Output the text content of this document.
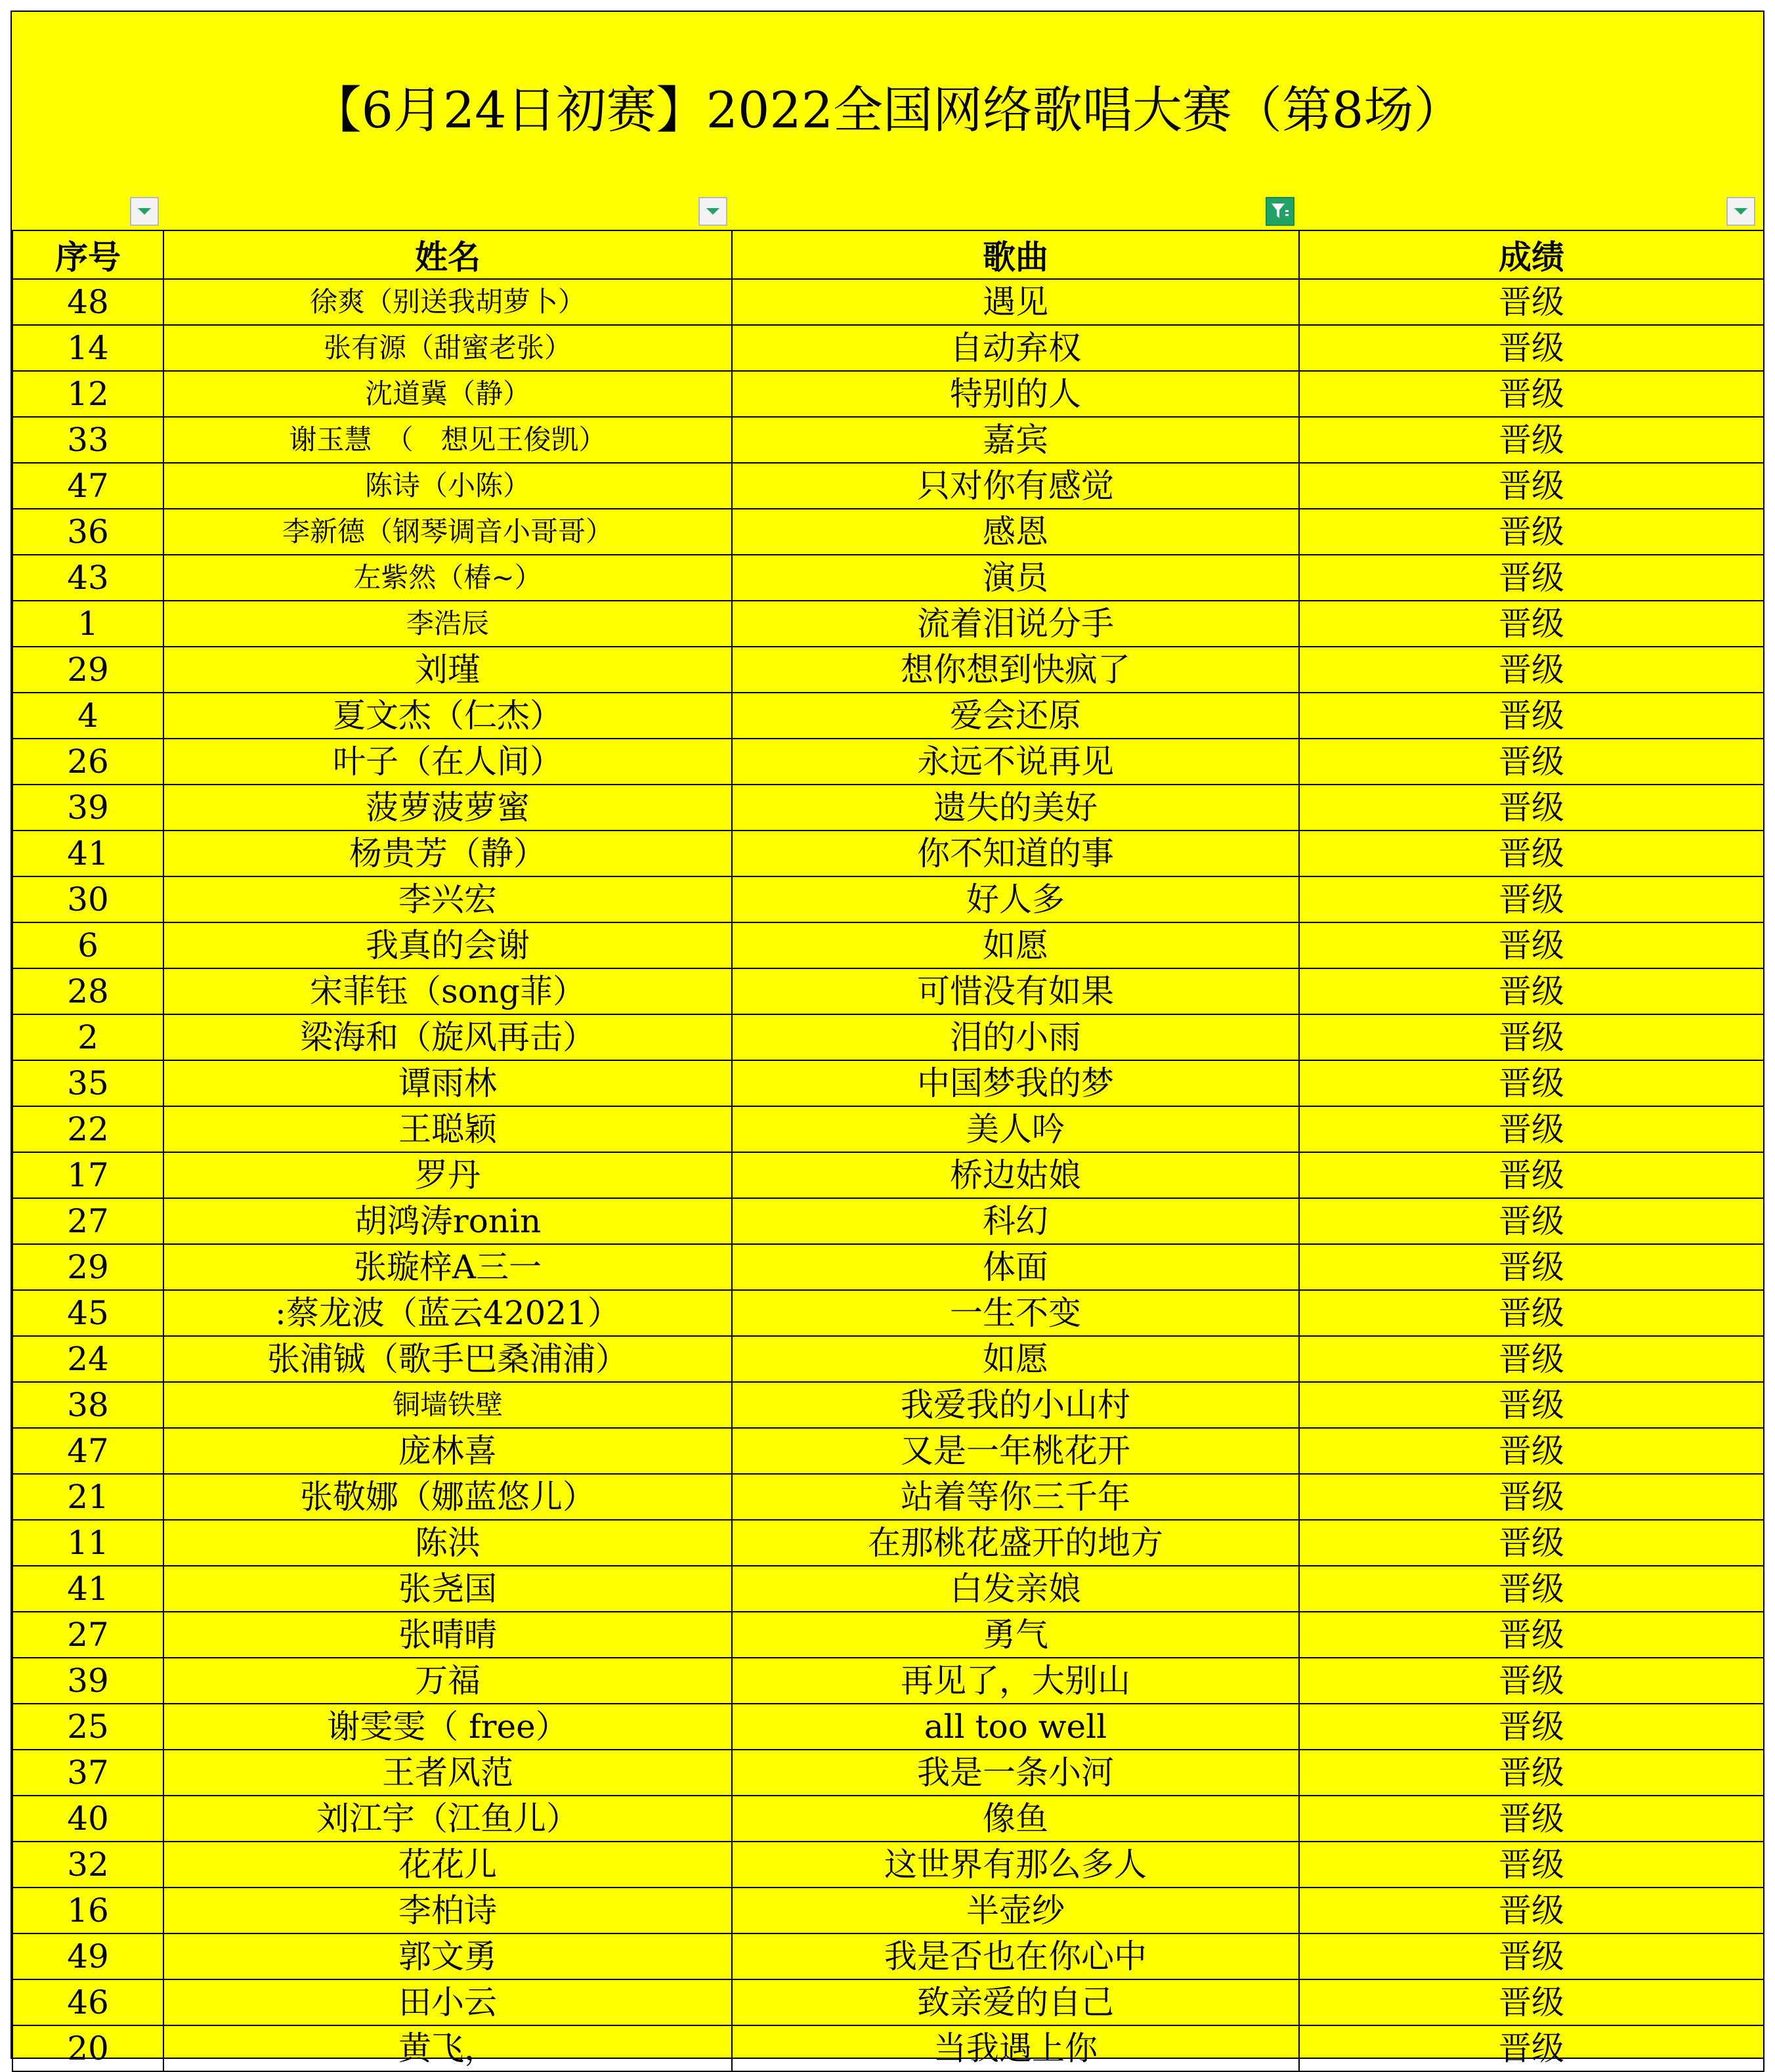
【6月24日初赛】2022全国网络歌唱大赛（第8场）
序号	姓名	歌曲	成绩
48	徐爽（别送我胡萝卜）	遇见	晋级
14	张有源（甜蜜老张）	自动弃权	晋级
12	沈道冀（静）	特别的人	晋级
33	谢玉慧　（　想见王俊凯）	嘉宾	晋级
47	陈诗（小陈）	只对你有感觉	晋级
36	李新德（钢琴调音小哥哥）	感恩	晋级
43	左紫然（椿~）	演员	晋级
1	李浩辰	流着泪说分手	晋级
29	刘瑾	想你想到快疯了	晋级
4	夏文杰（仁杰）	爱会还原	晋级
26	叶子（在人间）	永远不说再见	晋级
39	菠萝菠萝蜜	遗失的美好	晋级
41	杨贵芳（静）	你不知道的事	晋级
30	李兴宏	好人多	晋级
6	我真的会谢	如愿	晋级
28	宋菲钰（song菲）	可惜没有如果	晋级
2	梁海和（旋风再击）	泪的小雨	晋级
35	谭雨林	中国梦我的梦	晋级
22	王聪颖	美人吟	晋级
17	罗丹	桥边姑娘	晋级
27	胡鸿涛ronin	科幻	晋级
29	张璇梓A三一	体面	晋级
45	:蔡龙波（蓝云42021）	一生不变	晋级
24	张浦铖（歌手巴桑浦浦）	如愿	晋级
38	铜墙铁壁	我爱我的小山村	晋级
47	庞林喜	又是一年桃花开	晋级
21	张敬娜（娜蓝悠儿）	站着等你三千年	晋级
11	陈洪	在那桃花盛开的地方	晋级
41	张尧国	白发亲娘	晋级
27	张晴晴	勇气	晋级
39	万福	再见了，大别山	晋级
25	谢雯雯（ free）	all too well	晋级
37	王者风范	我是一条小河	晋级
40	刘江宇（江鱼儿）	像鱼	晋级
32	花花儿	这世界有那么多人	晋级
16	李柏诗	半壶纱	晋级
49	郭文勇	我是否也在你心中	晋级
46	田小云	致亲爱的自己	晋级
20	黄飞，	当我遇上你	晋级
